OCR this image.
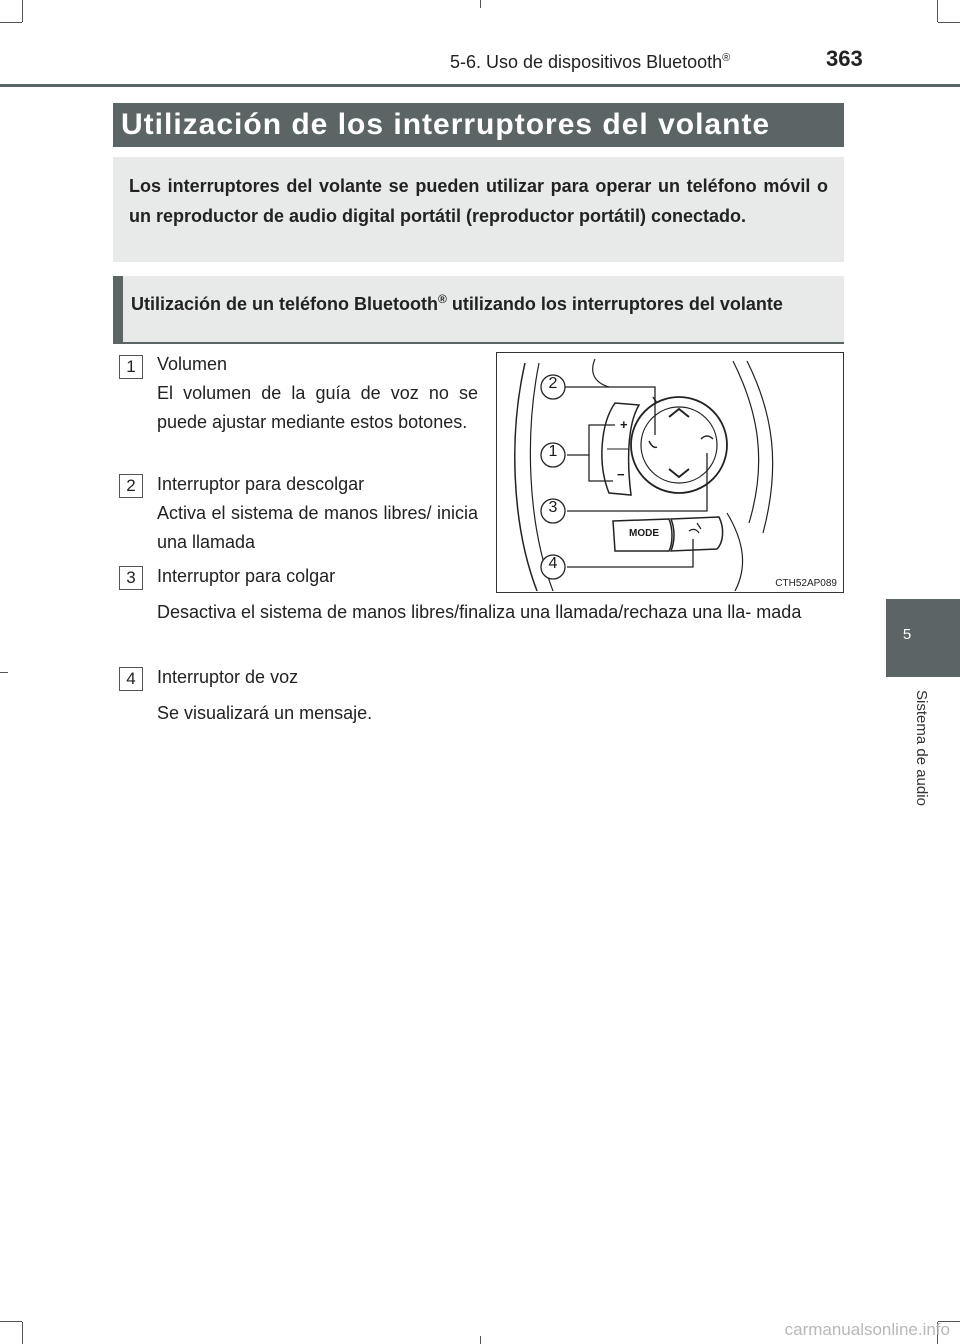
5-6. Uso de dispositivos Bluetooth®	363
5
Sistema de audio
Utilización de los interruptores del volante
Los interruptores del volante se pueden utilizar para operar un teléfono móvil o un reproductor de audio digital portátil (reproductor portátil) conectado.
Utilización de un teléfono Bluetooth® utilizando los interruptores del volante
1	Volumen
El volumen de la guía de voz no se puede ajustar mediante estos botones.
2	Interruptor para descolgar
Activa el sistema de manos libres/ inicia una llamada
3	Interruptor para colgar
Desactiva el sistema de manos libres/finaliza una llamada/rechaza una lla- mada
4	Interruptor de voz
Se visualizará un mensaje.
2
1
3
4
+
−
MODE
CTH52AP089
carmanualsonline.info
